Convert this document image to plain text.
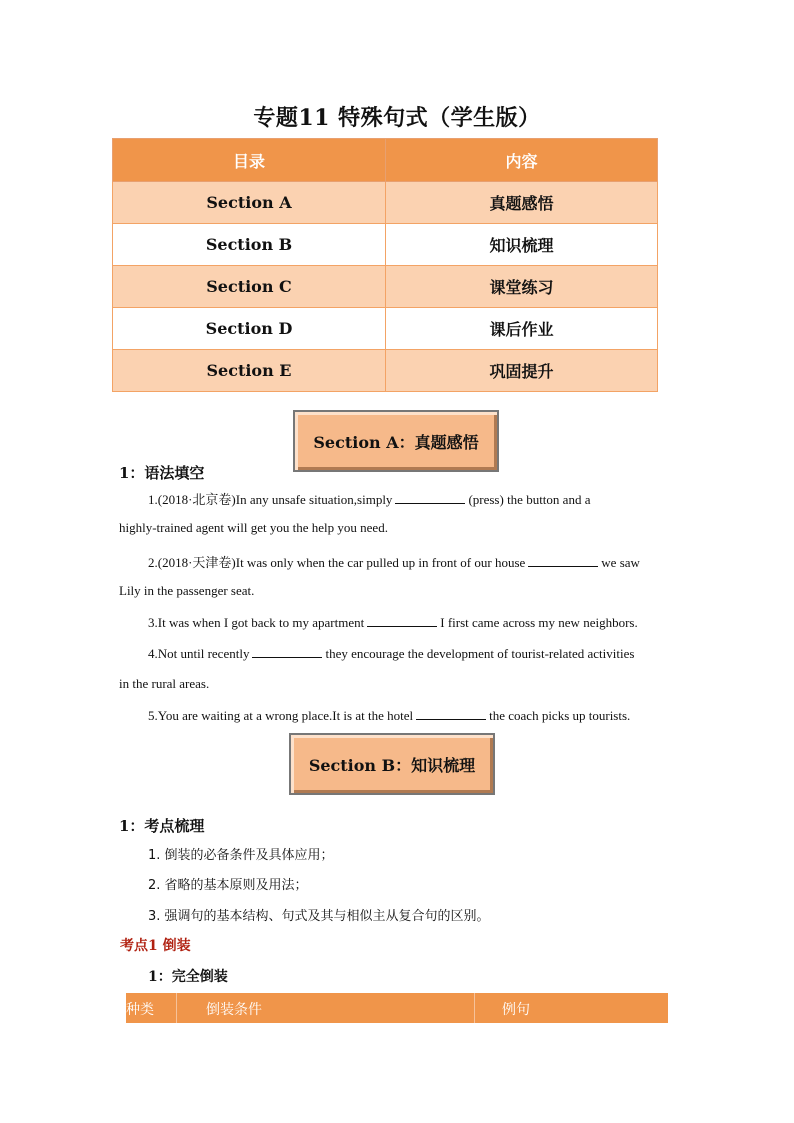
专题11 特殊句式（学生版）
目录	内容
Section A	真题感悟
Section B	知识梳理
Section C	课堂练习
Section D	课后作业
Section E	巩固提升
Section A：真题感悟
1：语法填空
1.(2018·北京卷)In any unsafe situation,simply	(press) the button and a
highly-trained agent will get you the help you need.
2.(2018·天津卷)It was only when the car pulled up in front of our house	we saw
Lily in the passenger seat.
3.It was when I got back to my apartment	I first came across my new neighbors.
4.Not until recently	they encourage the development of tourist-related activities
in the rural areas.
5.You are waiting at a wrong place.It is at the hotel	the coach picks up tourists.
Section B：知识梳理
1：考点梳理
1. 倒装的必备条件及具体应用；
2. 省略的基本原则及用法；
3. 强调句的基本结构、句式及其与相似主从复合句的区别。
考点1 倒装
1：完全倒装
种类	倒装条件	例句
